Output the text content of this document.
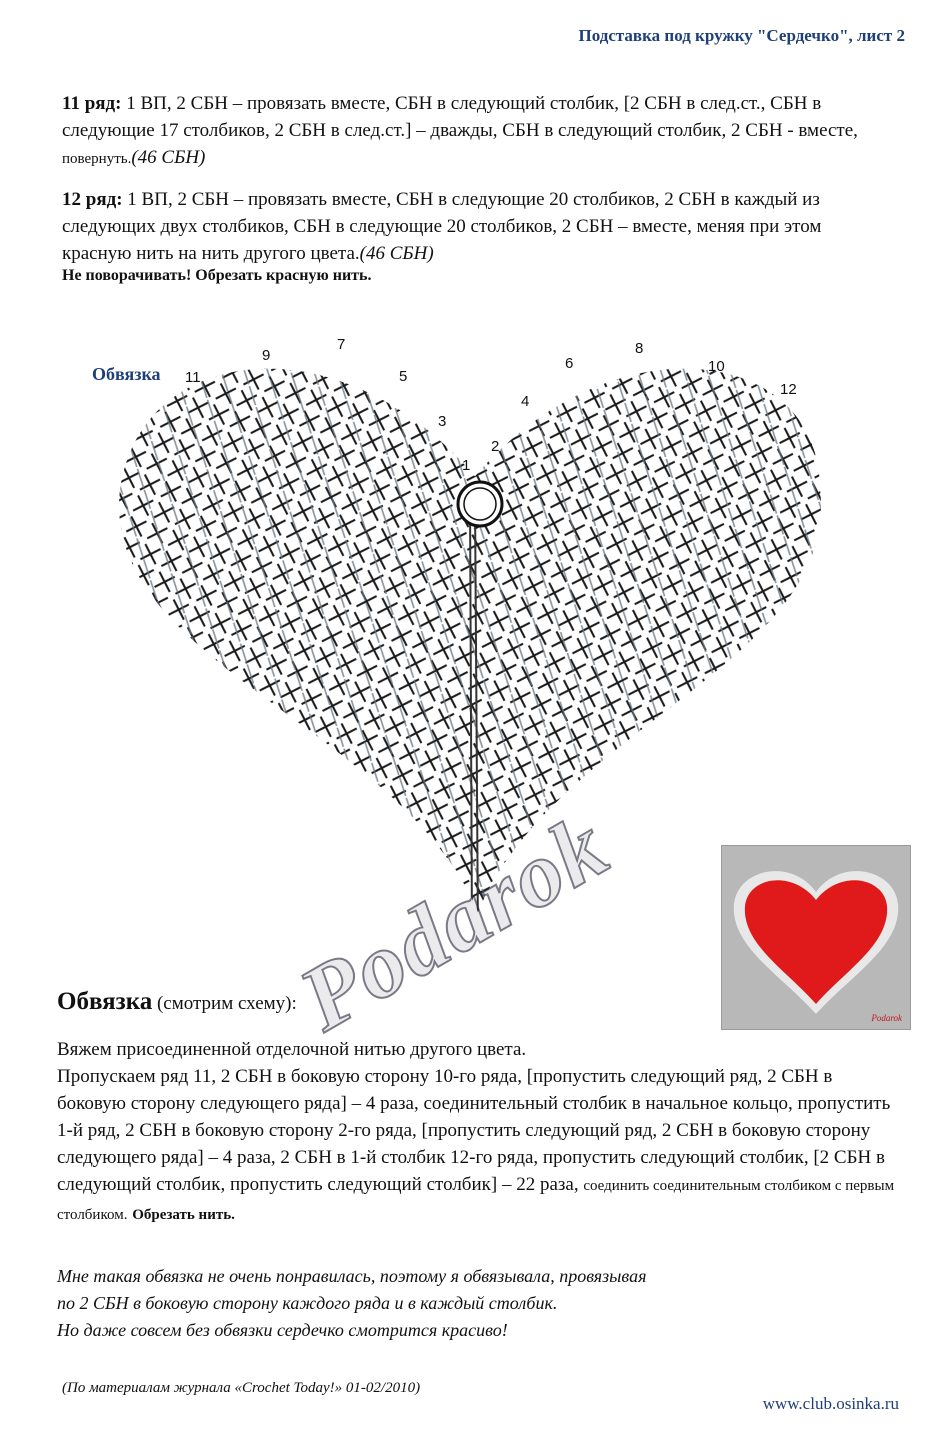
Подставка под кружку "Сердечко", лист 2
11 ряд: 1 ВП, 2 СБН – провязать вместе, СБН в следующий столбик, [2 СБН в след.ст., СБН в следующие 17 столбиков, 2 СБН в след.ст.] – дважды, СБН в следующий столбик, 2 СБН - вместе, повернуть.(46 СБН)
12 ряд: 1 ВП, 2 СБН – провязать вместе, СБН в следующие 20 столбиков, 2 СБН в каждый из следующих двух столбиков, СБН в следующие 20 столбиков, 2 СБН – вместе, меняя при этом красную нить на нить другого цвета.(46 СБН)
Не поворачивать! Обрезать красную нить.
1
2
3
4
5
6
7	8
9
10
11
12
Обвязка
Podarok
Обвязка (смотрим схему):
Вяжем присоединенной отделочной нитью другого цвета.
Пропускаем ряд 11, 2 СБН в боковую сторону 10-го ряда, [пропустить следующий ряд, 2 СБН в боковую сторону следующего ряда] – 4 раза, соединительный столбик в начальное кольцо, пропустить 1-й ряд, 2 СБН в боковую сторону 2-го ряда, [пропустить следующий ряд, 2 СБН в боковую сторону следующего ряда] – 4 раза, 2 СБН в 1-й столбик 12-го ряда, пропустить следующий столбик, [2 СБН в следующий столбик, пропустить следующий столбик] – 22 раза, соединить соединительным столбиком с первым столбиком. Обрезать нить.
Podarok
Мне такая обвязка не очень понравилась, поэтому я обвязывала, провязывая
по 2 СБН в боковую сторону каждого ряда и в каждый столбик.
Но даже совсем без обвязки сердечко смотрится красиво!
(По материалам журнала «Crochet Today!» 01-02/2010)
www.club.osinka.ru
